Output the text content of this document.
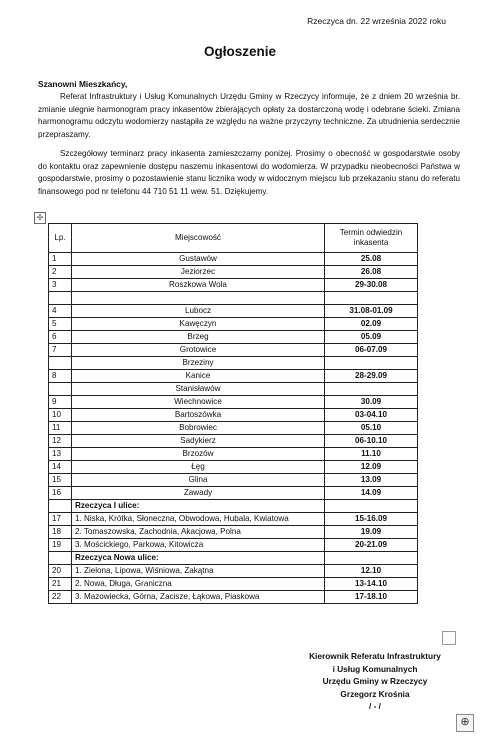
Rzeczyca dn. 22 września 2022 roku
Ogłoszenie
Szanowni Mieszkańcy,

Referat Infrastruktury i Usług Komunalnych Urzędu Gminy w Rzeczycy informuje, że z dniem 20 września br. zmianie ulegnie harmonogram pracy inkasentów zbierających opłaty za dostarczoną wodę i odebrane ścieki. Zmiana harmonogramu odczytu wodomierzy nastąpiła ze względu na ważne przyczyny techniczne. Za utrudnienia serdecznie przepraszamy.

Szczegółowy terminarz pracy inkasenta zamieszczamy poniżej. Prosimy o obecność w gospodarstwie osoby do kontaktu oraz zapewnienie dostępu naszemu inkasentowi do wodomierza. W przypadku nieobecności Państwa w gospodarstwie, prosimy o pozostawienie stanu licznika wody w widocznym miejscu lub przekazaniu stanu do referatu finansowego pod nr telefonu 44 710 51 11 wew. 51. Dziękujemy.

✢
Lp.	Miejscowość	Termin odwiedzin inkasenta
1	Gustawów	25.08
2	Jeziorzec	26.08
3	Roszkowa Wola	29-30.08

4	Lubocz	31.08-01.09
5	Kawęczyn	02.09
6	Brzeg	05.09
7	Grotowice	06-07.09
	Brzeziny	
8	Kanice	28-29.09
	Stanisławów	
9	Wiechnowice	30.09
10	Bartoszówka	03-04.10
11	Bobrowiec	05.10
12	Sadykierz	06-10.10
13	Brzozów	11.10
14	Łęg	12.09
15	Glina	13.09
16	Zawady	14.09
	Rzeczyca I ulice:	
17	1. Niska, Krótka, Słoneczna, Obwodowa, Hubala, Kwiatowa	15-16.09
18	2. Tomaszowska, Zachodnia, Akacjowa, Polna	19.09
19	3. Mościckiego, Parkowa, Kitowicza	20-21.09
	Rzeczyca Nowa ulice:	
20	1. Zielona, Lipowa, Wiśniowa, Zakątna	12.10
21	2. Nowa, Długa, Graniczna	13-14.10
22	3. Mazowiecka, Górna, Zacisze, Łąkowa, Piaskowa	17-18.10
Kierownik Referatu Infrastruktury
i Usług Komunalnych
Urzędu Gminy w Rzeczycy
Grzegorz Krośnia
/ - /
⊕
